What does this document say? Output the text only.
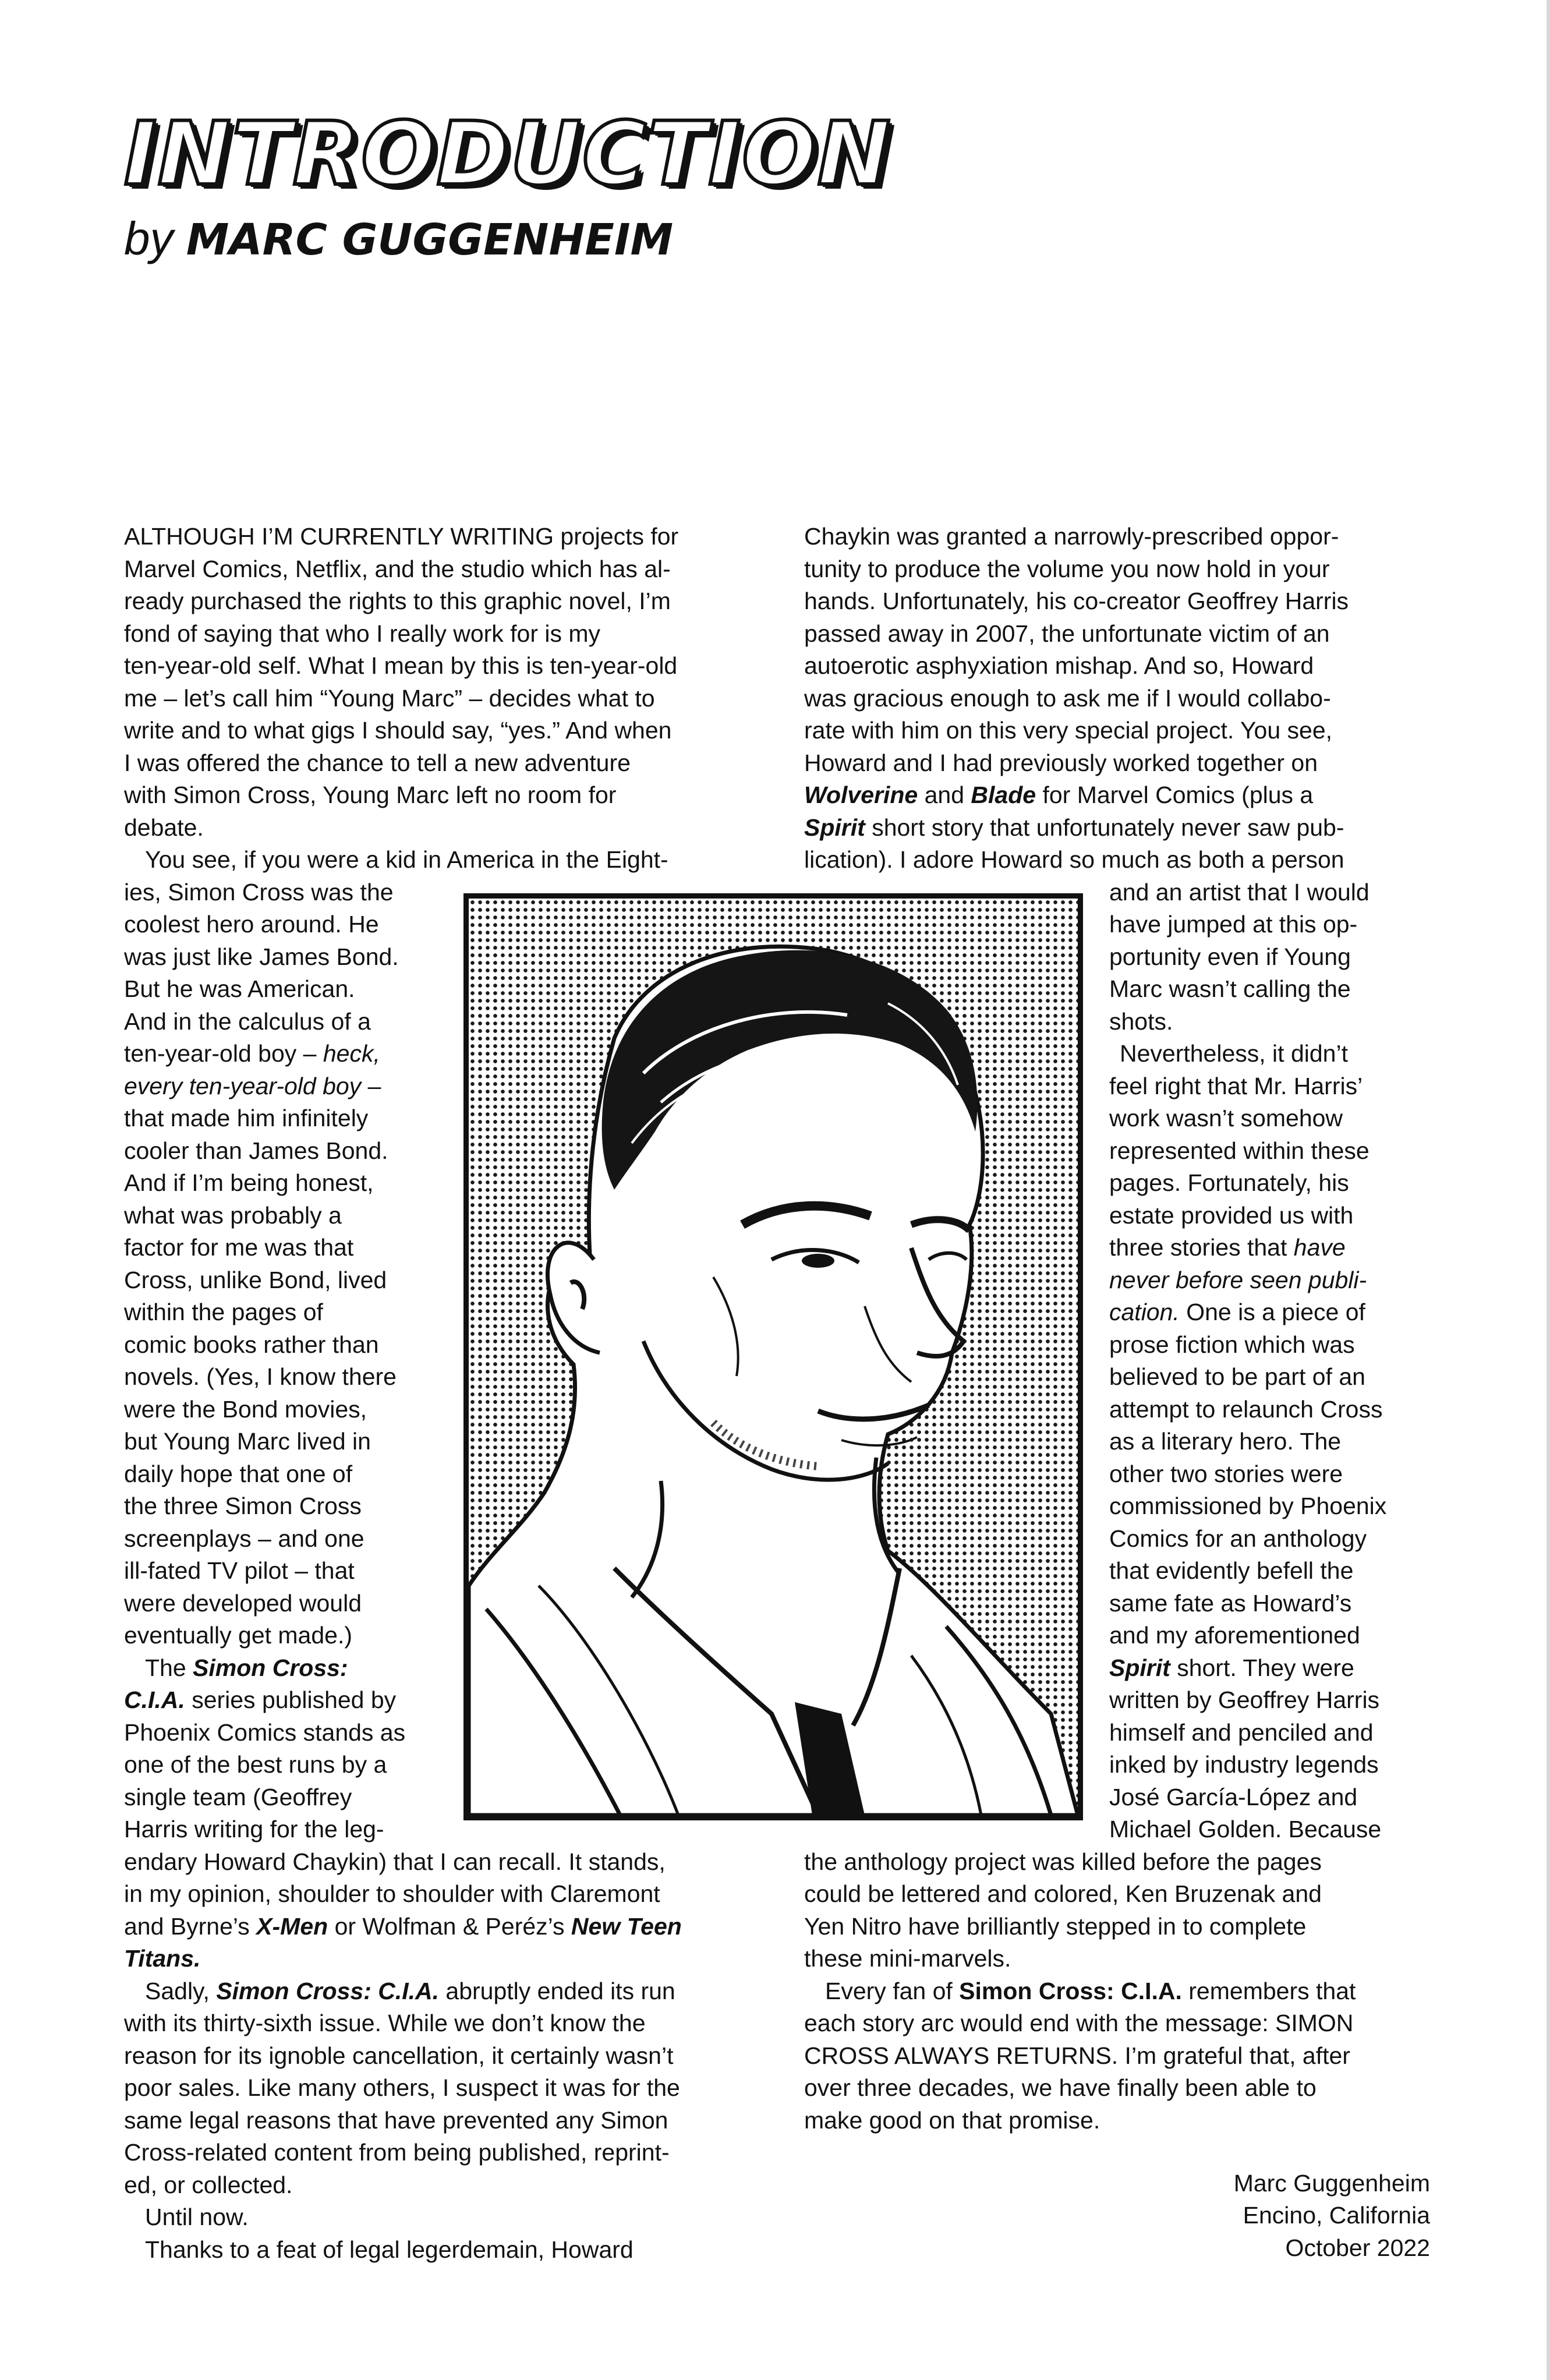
INTRODUCTION
by MARC GUGGENHEIM
ALTHOUGH I’M CURRENTLY WRITING projects for
Marvel Comics, Netflix, and the studio which has al-
ready purchased the rights to this graphic novel, I’m
fond of saying that who I really work for is my
ten-year-old self. What I mean by this is ten-year-old
me – let’s call him “Young Marc” – decides what to
write and to what gigs I should say, “yes.” And when
I was offered the chance to tell a new adventure
with Simon Cross, Young Marc left no room for
debate.
You see, if you were a kid in America in the Eight-
ies, Simon Cross was the
coolest hero around. He
was just like James Bond.
But he was American.
And in the calculus of a
ten-year-old boy – heck,
every ten-year-old boy –
that made him infinitely
cooler than James Bond.
And if I’m being honest,
what was probably a
factor for me was that
Cross, unlike Bond, lived
within the pages of
comic books rather than
novels. (Yes, I know there
were the Bond movies,
but Young Marc lived in
daily hope that one of
the three Simon Cross
screenplays – and one
ill-fated TV pilot – that
were developed would
eventually get made.)
The Simon Cross:
C.I.A. series published by
Phoenix Comics stands as
one of the best runs by a
single team (Geoffrey
Harris writing for the leg-
endary Howard Chaykin) that I can recall. It stands,
in my opinion, shoulder to shoulder with Claremont
and Byrne’s X-Men or Wolfman & Peréz’s New Teen
Titans.
Sadly, Simon Cross: C.I.A. abruptly ended its run
with its thirty-sixth issue. While we don’t know the
reason for its ignoble cancellation, it certainly wasn’t
poor sales. Like many others, I suspect it was for the
same legal reasons that have prevented any Simon
Cross-related content from being published, reprint-
ed, or collected.
Until now.
Thanks to a feat of legal legerdemain, Howard
Chaykin was granted a narrowly-prescribed oppor-
tunity to produce the volume you now hold in your
hands. Unfortunately, his co-creator Geoffrey Harris
passed away in 2007, the unfortunate victim of an
autoerotic asphyxiation mishap. And so, Howard
was gracious enough to ask me if I would collabo-
rate with him on this very special project. You see,
Howard and I had previously worked together on
Wolverine and Blade for Marvel Comics (plus a
Spirit short story that unfortunately never saw pub-
lication). I adore Howard so much as both a person
and an artist that I would
have jumped at this op-
portunity even if Young
Marc wasn’t calling the
shots.
Nevertheless, it didn’t
feel right that Mr. Harris’
work wasn’t somehow
represented within these
pages. Fortunately, his
estate provided us with
three stories that have
never before seen publi-
cation. One is a piece of
prose fiction which was
believed to be part of an
attempt to relaunch Cross
as a literary hero. The
other two stories were
commissioned by Phoenix
Comics for an anthology
that evidently befell the
same fate as Howard’s
and my aforementioned
Spirit short. They were
written by Geoffrey Harris
himself and penciled and
inked by industry legends
José García-López and
Michael Golden. Because
the anthology project was killed before the pages
could be lettered and colored, Ken Bruzenak and
Yen Nitro have brilliantly stepped in to complete
these mini-marvels.
Every fan of Simon Cross: C.I.A. remembers that
each story arc would end with the message: SIMON
CROSS ALWAYS RETURNS. I’m grateful that, after
over three decades, we have finally been able to
make good on that promise.
Marc Guggenheim
Encino, California
October 2022
